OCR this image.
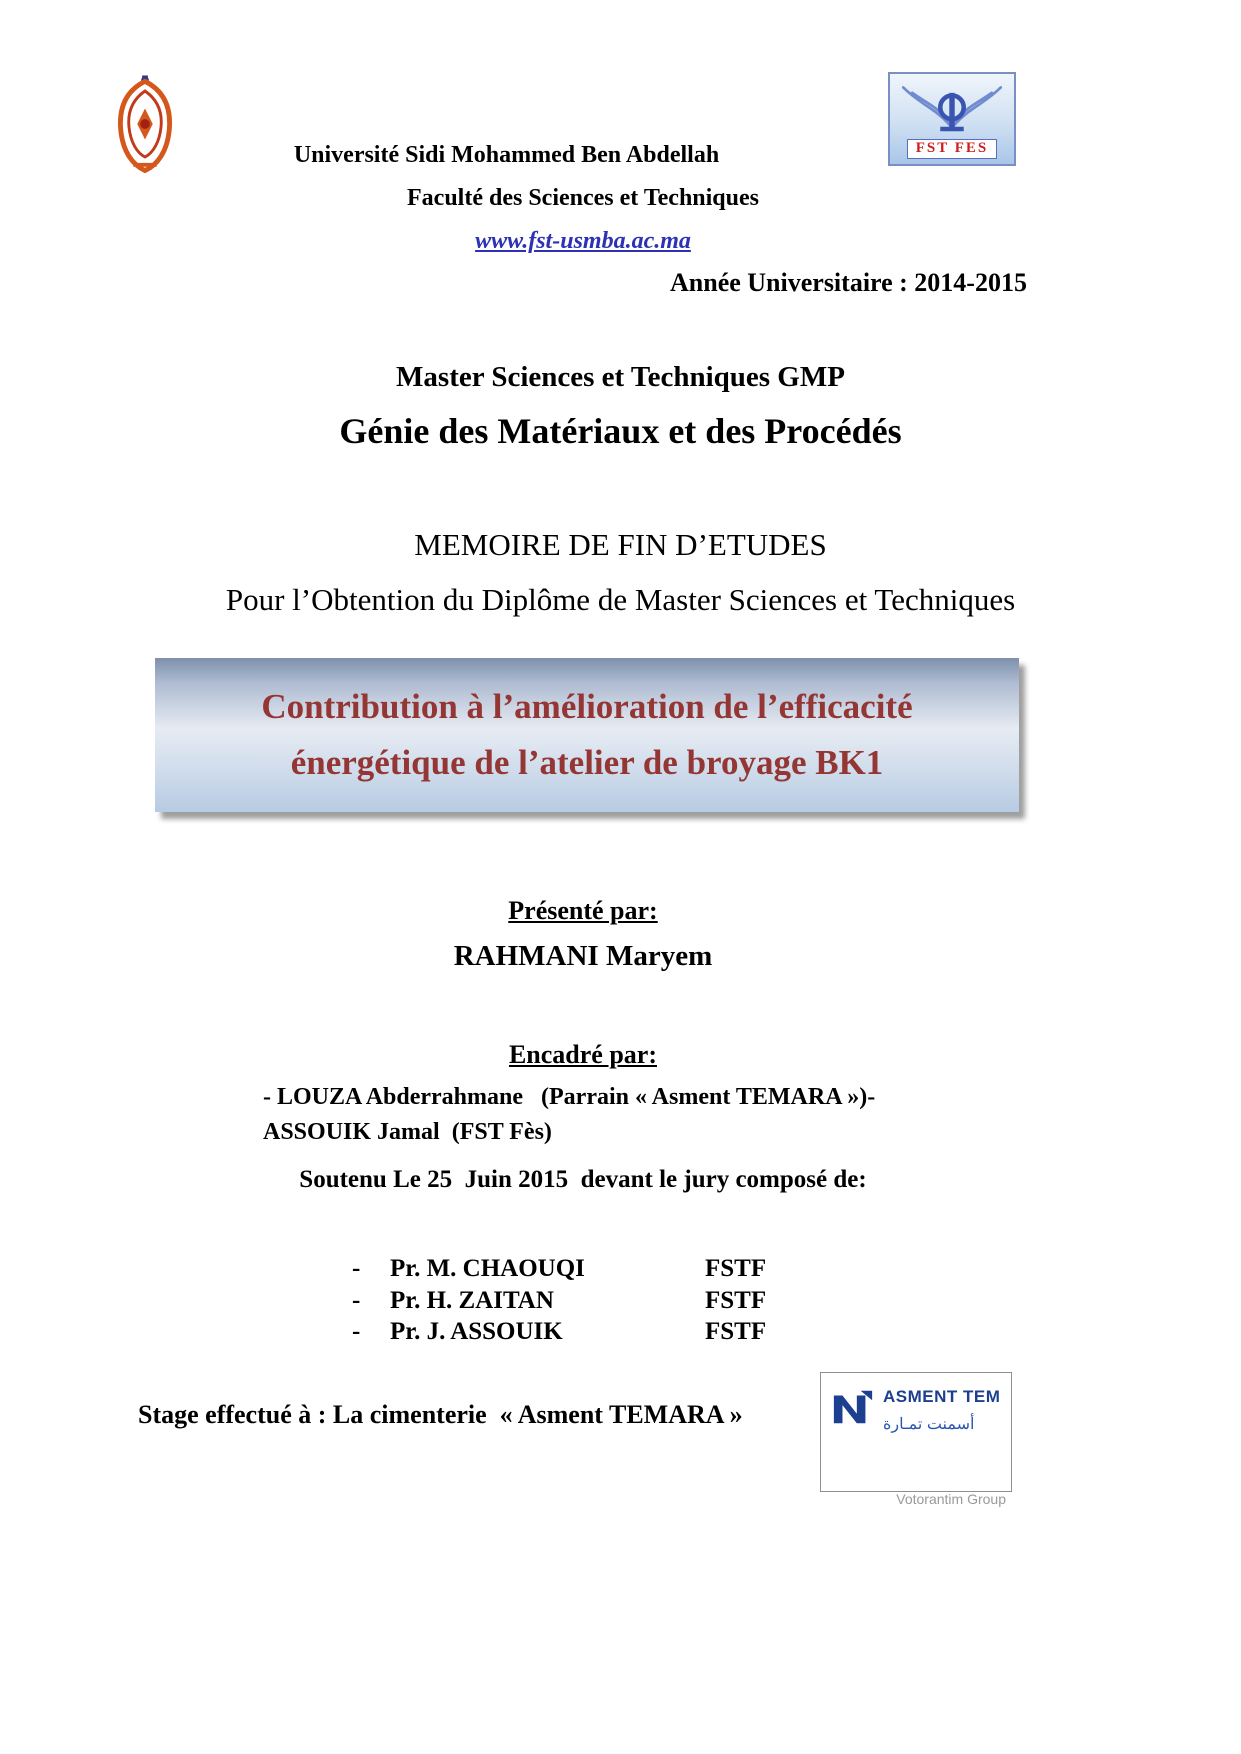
FST FES
Université Sidi Mohammed Ben Abdellah
Faculté des Sciences et Techniques
www.fst-usmba.ac.ma
Année Universitaire : 2014-2015
Master Sciences et Techniques GMP
Génie des Matériaux et des Procédés
MEMOIRE DE FIN D’ETUDES
Pour l’Obtention du Diplôme de Master Sciences et Techniques
Contribution à l’amélioration de l’efficacité
énergétique de l’atelier de broyage BK1
Présenté par:
RAHMANI Maryem
Encadré par:
- LOUZA Abderrahmane   (Parrain « Asment TEMARA »)-
ASSOUIK Jamal  (FST Fès)
Soutenu Le 25  Juin 2015  devant le jury composé de:
-	Pr. M. CHAOUQI	FSTF
-	Pr. H. ZAITAN	FSTF
-	Pr. J. ASSOUIK	FSTF
Stage effectué à : La cimenterie  « Asment TEMARA »
ASMENT TEM
أسمنت تمـارة
Votorantim Group
